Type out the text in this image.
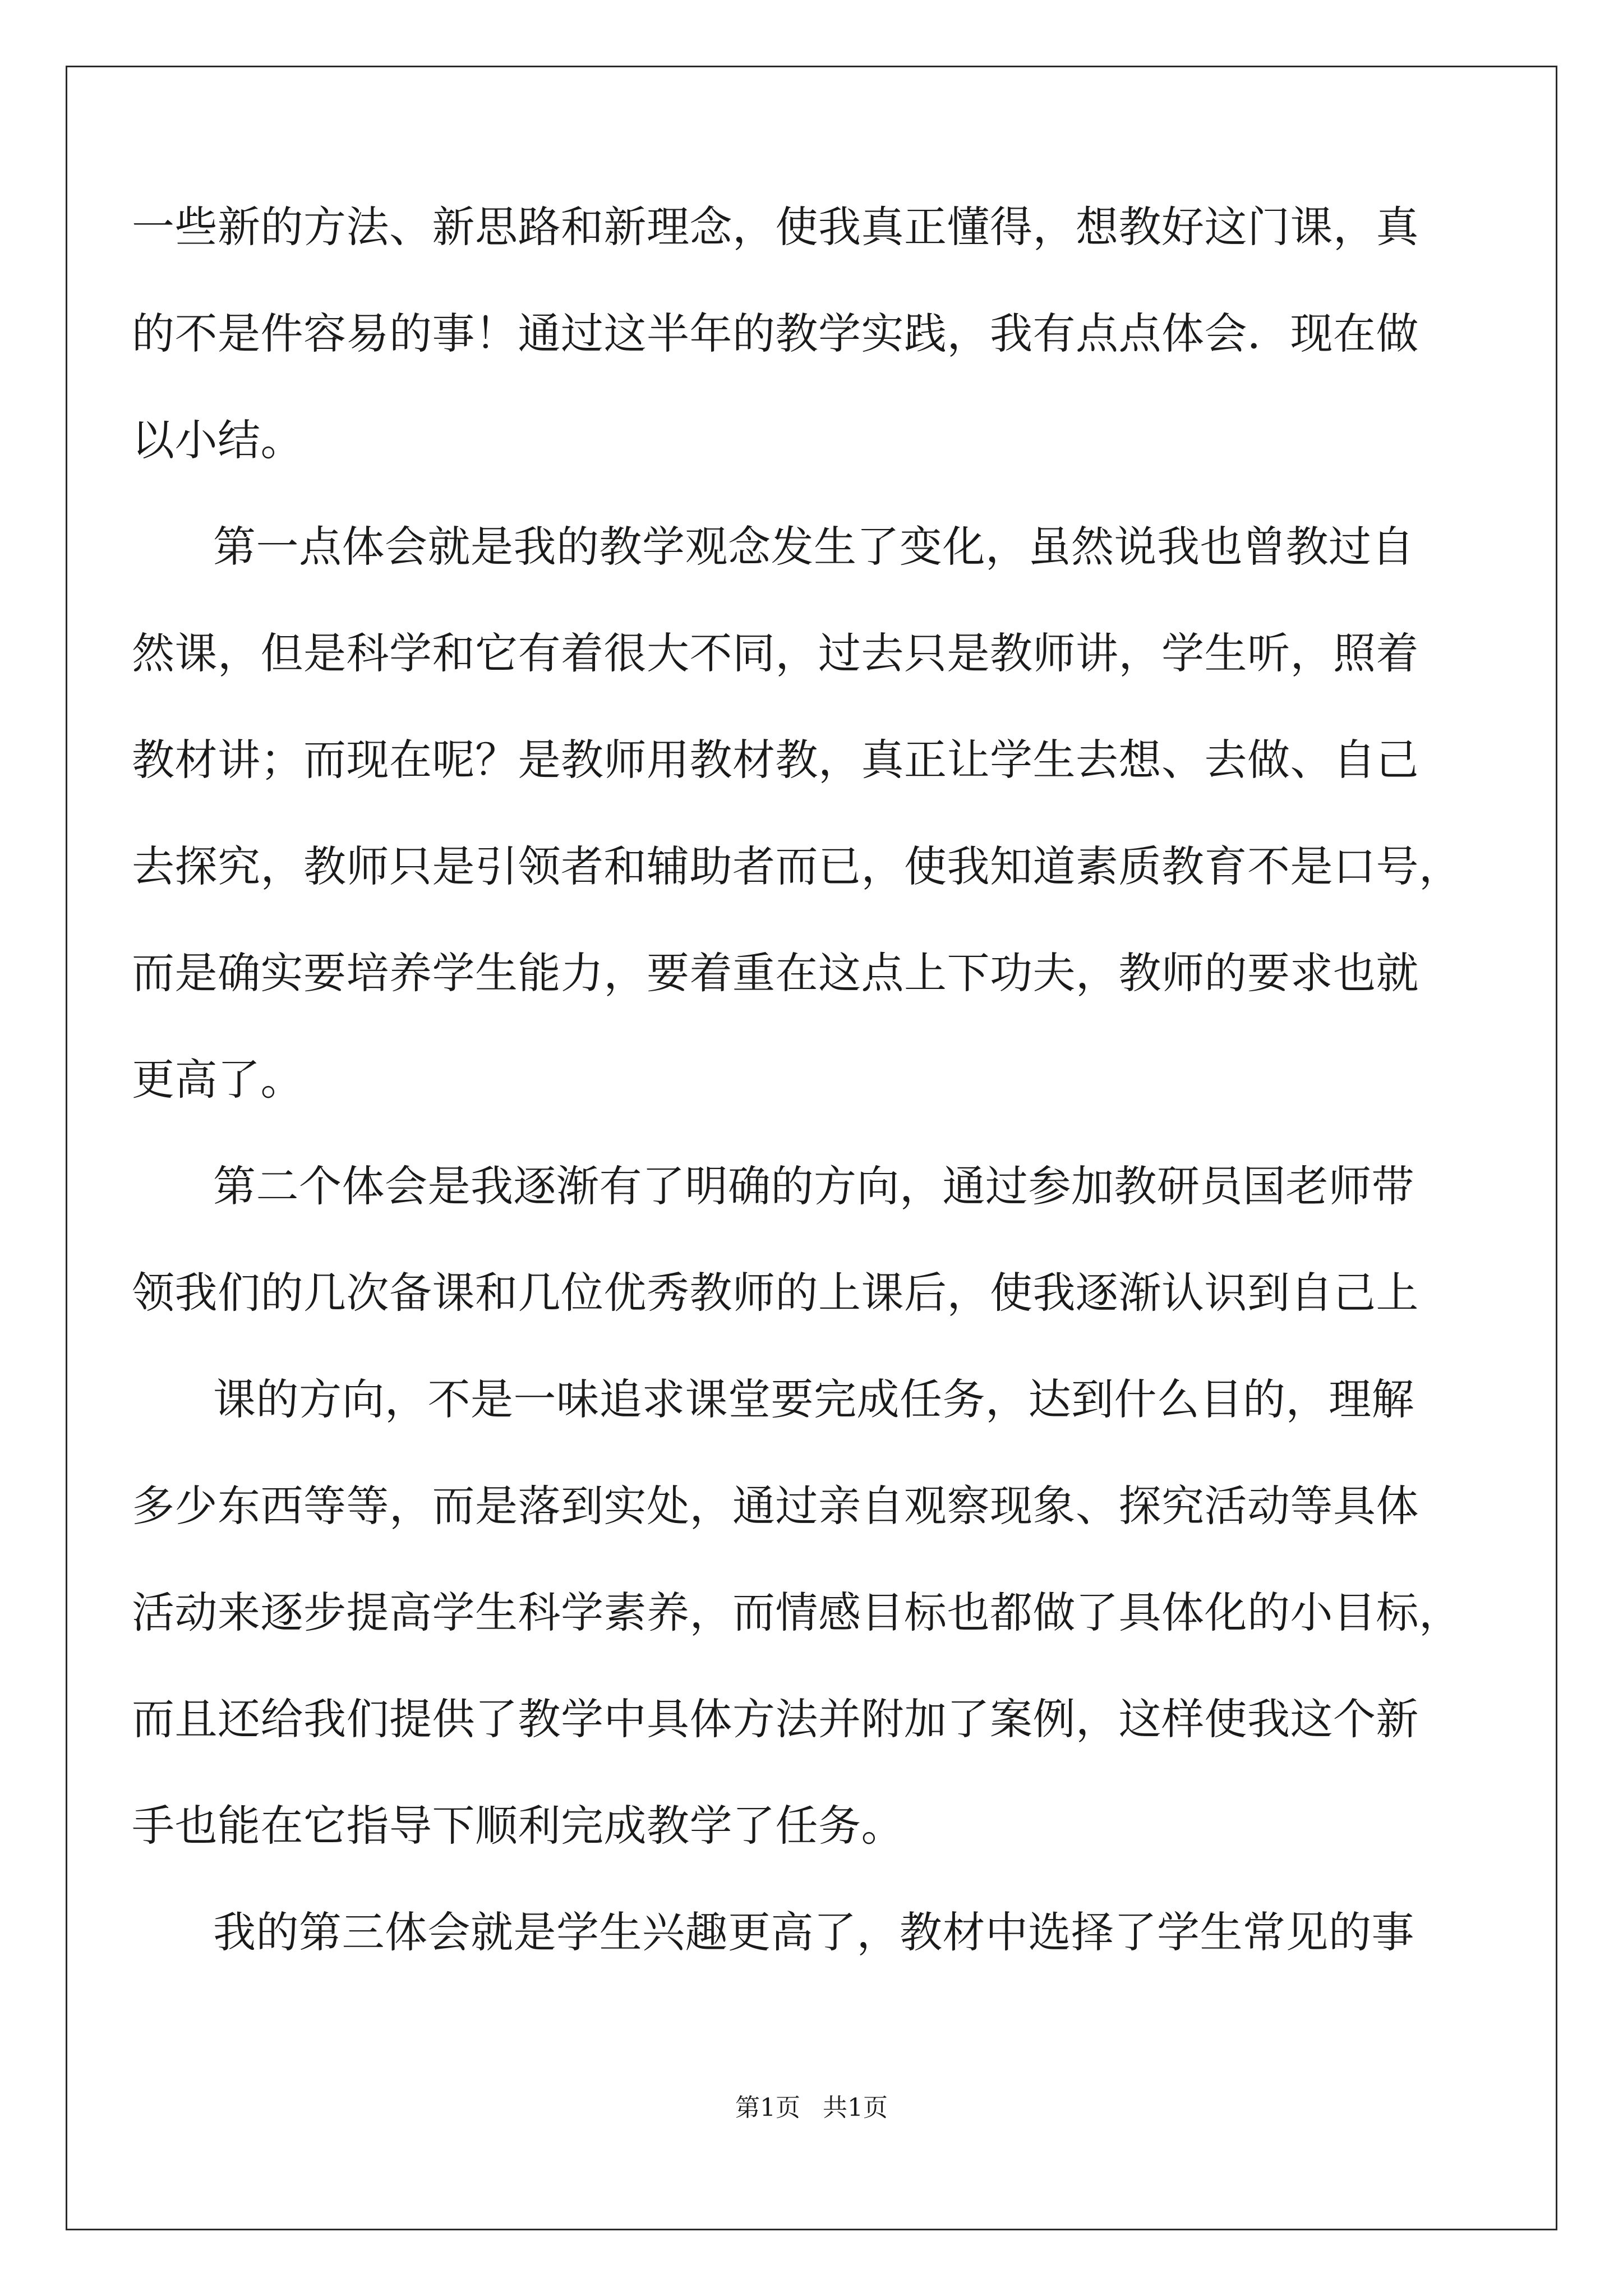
一些新的方法、新思路和新理念，使我真正懂得，想教好这门课，真
的不是件容易的事！通过这半年的教学实践，我有点点体会．现在做
以小结。
第一点体会就是我的教学观念发生了变化，虽然说我也曾教过自
然课，但是科学和它有着很大不同，过去只是教师讲，学生听，照着
教材讲；而现在呢？是教师用教材教，真正让学生去想、去做、自己
去探究，教师只是引领者和辅助者而已，使我知道素质教育不是口号，
而是确实要培养学生能力，要着重在这点上下功夫，教师的要求也就
更高了。
第二个体会是我逐渐有了明确的方向，通过参加教研员国老师带
领我们的几次备课和几位优秀教师的上课后，使我逐渐认识到自己上
课的方向，不是一味追求课堂要完成任务，达到什么目的，理解
多少东西等等，而是落到实处，通过亲自观察现象、探究活动等具体
活动来逐步提高学生科学素养，而情感目标也都做了具体化的小目标，
而且还给我们提供了教学中具体方法并附加了案例，这样使我这个新
手也能在它指导下顺利完成教学了任务。
我的第三体会就是学生兴趣更高了，教材中选择了学生常见的事
第1页 共1页
